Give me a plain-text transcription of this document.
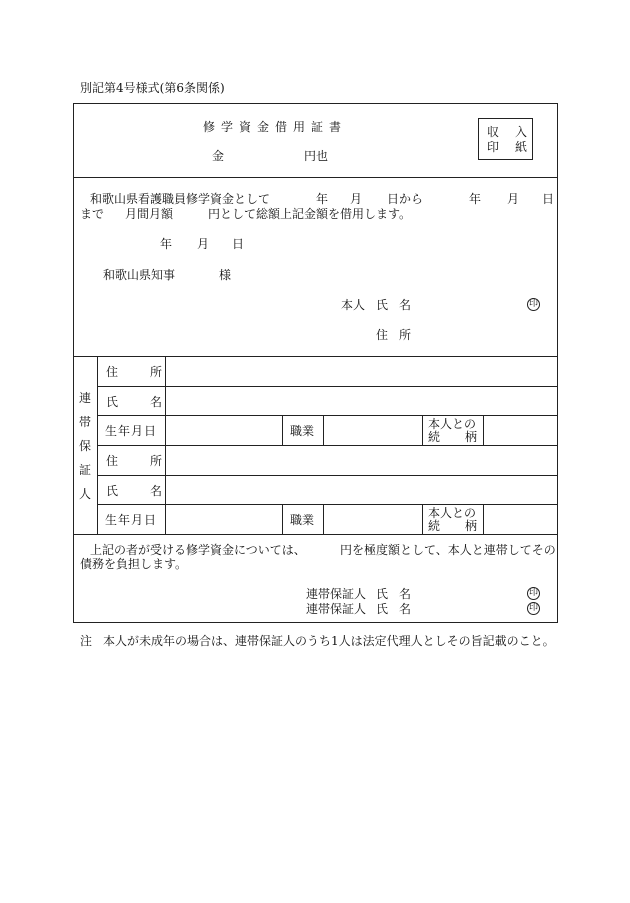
別記第4号様式(第6条関係)
修学資金借用証書
金	円也
収 入
印 紙
和歌山県看護職員修学資金として	年 月 日から	年 月 日
まで 月間月額	円として総額上記金額を借用します。
年 月 日
和歌山県知事	様
本人 氏 名	印
住 所
連
帯
保
証
人
住	所
氏	名
生年月日	職業	本人との
続 柄
住	所
氏	名
生年月日	職業	本人との
続 柄
上記の者が受ける修学資金については、	円を極度額として、本人と連帯してその
債務を負担します。
連帯保証人 氏 名	印
連帯保証人 氏 名	印
注 本人が未成年の場合は、連帯保証人のうち1人は法定代理人としその旨記載のこと。
